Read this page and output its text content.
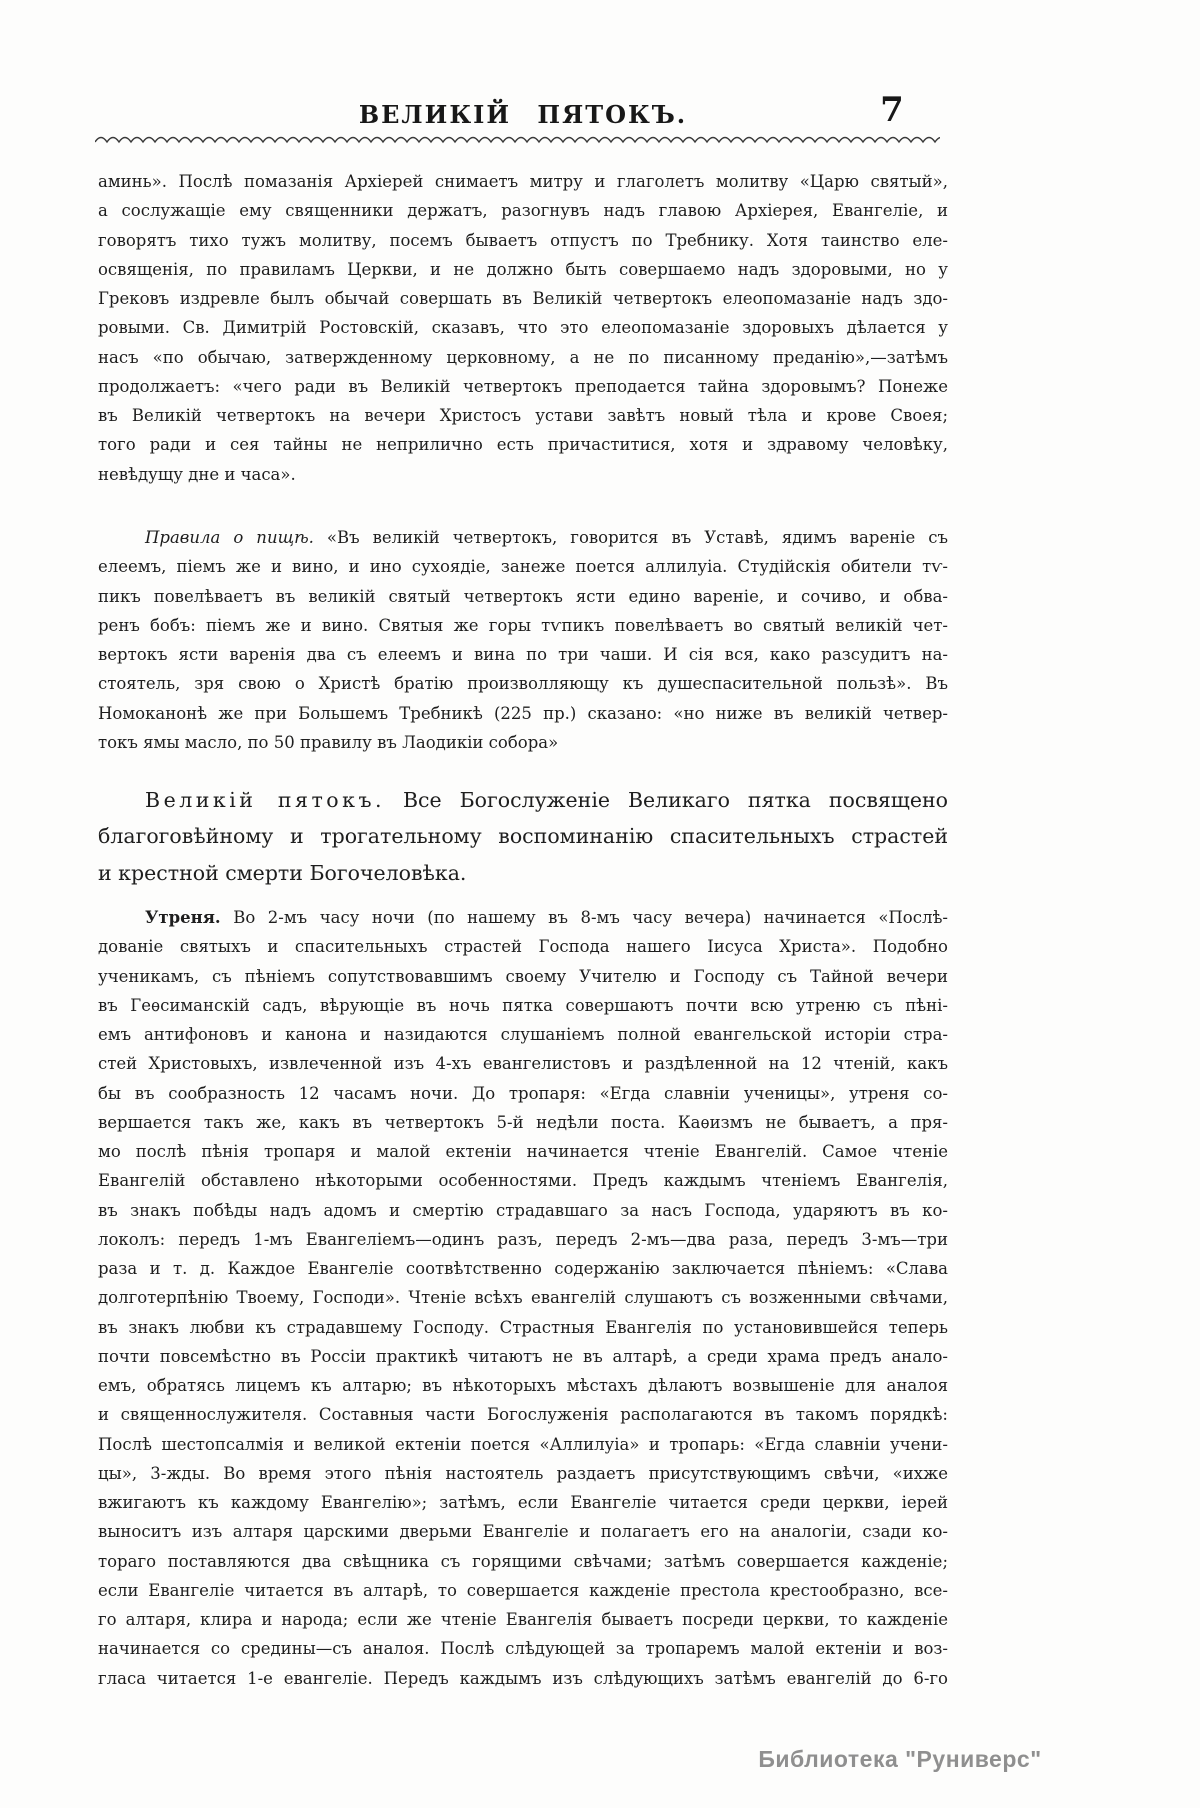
ВЕЛИКІЙ ПЯТОКЪ.	7
аминь». Послѣ помазанія Архіерей снимаетъ митру и глаголетъ молитву «Царю святый»,
а сослужащіе ему священники держатъ, разогнувъ надъ главою Архіерея, Евангеліе, и
говорятъ тихо тужъ молитву, посемъ бываетъ отпустъ по Требнику. Хотя таинство еле-
освященія, по правиламъ Церкви, и не должно быть совершаемо надъ здоровыми, но у
Грековъ издревле былъ обычай совершать въ Великій четвертокъ елеопомазаніе надъ здо-
ровыми. Св. Димитрій Ростовскій, сказавъ, что это елеопомазаніе здоровыхъ дѣлается у
насъ «по обычаю, затвержденному церковному, а не по писанному преданію»,—затѣмъ
продолжаетъ: «чего ради въ Великій четвертокъ преподается тайна здоровымъ? Понеже
въ Великій четвертокъ на вечери Христосъ устави завѣтъ новый тѣла и крове Своея;
того ради и сея тайны не неприлично есть причаститися, хотя и здравому человѣку,
невѣдущу дне и часа».
Правила о пищѣ. «Въ великій четвертокъ, говорится въ Уставѣ, ядимъ вареніе съ
елеемъ, піемъ же и вино, и ино сухоядіе, занеже поется аллилуіа. Студійскія обители тѵ-
пикъ повелѣваетъ въ великій святый четвертокъ ясти едино вареніе, и сочиво, и обва-
ренъ бобъ: піемъ же и вино. Святыя же горы тѵпикъ повелѣваетъ во святый великій чет-
вертокъ ясти варенія два съ елеемъ и вина по три чаши. И сія вся, како разсудитъ на-
стоятель, зря свою о Христѣ братію произволляющу къ душеспасительной пользѣ». Въ
Номоканонѣ же при Большемъ Требникѣ (225 пр.) сказано: «но ниже въ великій четвер-
токъ ямы масло, по 50 правилу въ Лаодикіи собора»
Великій пятокъ. Все Богослуженіе Великаго пятка посвящено
благоговѣйному и трогательному воспоминанію спасительныхъ страстей
и крестной смерти Богочеловѣка.
Утреня. Во 2-мъ часу ночи (по нашему въ 8-мъ часу вечера) начинается «Послѣ-
дованіе святыхъ и спасительныхъ страстей Господа нашего Іисуса Христа». Подобно
ученикамъ, съ пѣніемъ сопутствовавшимъ своему Учителю и Господу съ Тайной вечери
въ Геѳсиманскій садъ, вѣрующіе въ ночь пятка совершаютъ почти всю утреню съ пѣні-
емъ антифоновъ и канона и назидаются слушаніемъ полной евангельской исторіи стра-
стей Христовыхъ, извлеченной изъ 4-хъ евангелистовъ и раздѣленной на 12 чтеній, какъ
бы въ сообразность 12 часамъ ночи. До тропаря: «Егда славніи ученицы», утреня со-
вершается такъ же, какъ въ четвертокъ 5-й недѣли поста. Каѳизмъ не бываетъ, а пря-
мо послѣ пѣнія тропаря и малой ектеніи начинается чтеніе Евангелій. Самое чтеніе
Евангелій обставлено нѣкоторыми особенностями. Предъ каждымъ чтеніемъ Евангелія,
въ знакъ побѣды надъ адомъ и смертію страдавшаго за насъ Господа, ударяютъ въ ко-
локолъ: передъ 1-мъ Евангеліемъ—одинъ разъ, передъ 2-мъ—два раза, передъ 3-мъ—три
раза и т. д. Каждое Евангеліе соотвѣтственно содержанію заключается пѣніемъ: «Слава
долготерпѣнію Твоему, Господи». Чтеніе всѣхъ евангелій слушаютъ съ возженными свѣчами,
въ знакъ любви къ страдавшему Господу. Страстныя Евангелія по установившейся теперь
почти повсемѣстно въ Россіи практикѣ читаютъ не въ алтарѣ, а среди храма предъ анало-
емъ, обратясь лицемъ къ алтарю; въ нѣкоторыхъ мѣстахъ дѣлаютъ возвышеніе для аналоя
и священнослужителя. Составныя части Богослуженія располагаются въ такомъ порядкѣ:
Послѣ шестопсалмія и великой ектеніи поется «Аллилуіа» и тропарь: «Егда славніи учени-
цы», 3-жды. Во время этого пѣнія настоятель раздаетъ присутствующимъ свѣчи, «ихже
вжигаютъ къ каждому Евангелію»; затѣмъ, если Евангеліе читается среди церкви, іерей
выноситъ изъ алтаря царскими дверьми Евангеліе и полагаетъ его на аналогіи, сзади ко-
тораго поставляются два свѣщника съ горящими свѣчами; затѣмъ совершается кажденіе;
если Евангеліе читается въ алтарѣ, то совершается кажденіе престола крестообразно, все-
го алтаря, клира и народа; если же чтеніе Евангелія бываетъ посреди церкви, то кажденіе
начинается со средины—съ аналоя. Послѣ слѣдующей за тропаремъ малой ектеніи и воз-
гласа читается 1-е евангеліе. Передъ каждымъ изъ слѣдующихъ затѣмъ евангелій до 6-го
Библиотека "Руниверс"
